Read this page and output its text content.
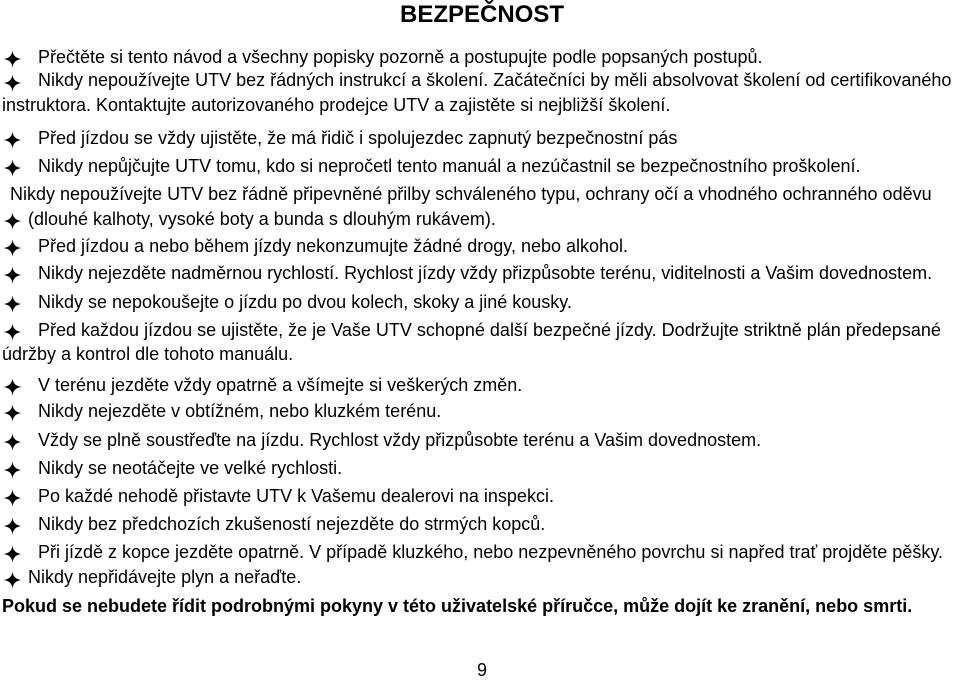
BEZPEČNOST
Přečtěte si tento návod a všechny popisky pozorně a postupujte podle popsaných postupů.
Nikdy nepoužívejte UTV bez řádných instrukcí a školení. Začátečníci by měli absolvovat školení od certifikovaného
instruktora. Kontaktujte autorizovaného prodejce UTV a zajistěte si nejbližší školení.
Před jízdou se vždy ujistěte, že má řidič i spolujezdec zapnutý bezpečnostní pás
Nikdy nepůjčujte UTV tomu, kdo si nepročetl tento manuál a nezúčastnil se bezpečnostního proškolení.
Nikdy nepoužívejte UTV bez řádně připevněné přilby schváleného typu, ochrany očí a vhodného ochranného oděvu
(dlouhé kalhoty, vysoké boty a bunda s dlouhým rukávem).
Před jízdou a nebo během jízdy nekonzumujte žádné drogy, nebo alkohol.
Nikdy nejezděte nadměrnou rychlostí. Rychlost jízdy vždy přizpůsobte terénu, viditelnosti a Vašim dovednostem.
Nikdy se nepokoušejte o jízdu po dvou kolech, skoky a jiné kousky.
Před každou jízdou se ujistěte, že je Vaše UTV schopné další bezpečné jízdy. Dodržujte striktně plán předepsané
údržby a kontrol dle tohoto manuálu.
V terénu jezděte vždy opatrně a všímejte si veškerých změn.
Nikdy nejezděte v obtížném, nebo kluzkém terénu.
Vždy se plně soustřeďte na jízdu. Rychlost vždy přizpůsobte terénu a Vašim dovednostem.
Nikdy se neotáčejte ve velké rychlosti.
Po každé nehodě přistavte UTV k Vašemu dealerovi na inspekci.
Nikdy bez předchozích zkušeností nejezděte do strmých kopců.
Při jízdě z kopce jezděte opatrně. V případě kluzkého, nebo nezpevněného povrchu si napřed trať projděte pěšky.
Nikdy nepřidávejte plyn a neřaďte.
Pokud se nebudete řídit podrobnými pokyny v této uživatelské příručce, může dojít ke zranění, nebo smrti.
9
